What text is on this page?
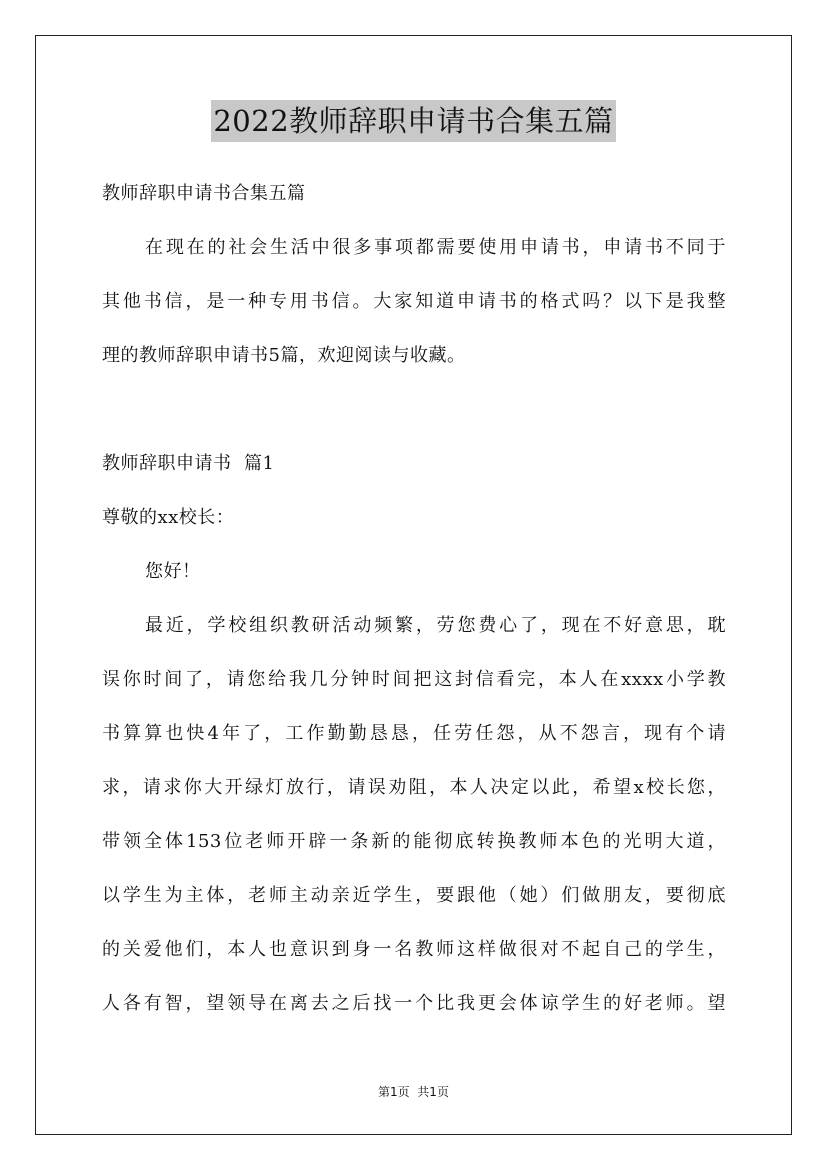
2022教师辞职申请书合集五篇
教师辞职申请书合集五篇
在现在的社会生活中很多事项都需要使用申请书，申请书不同于
其他书信，是一种专用书信。大家知道申请书的格式吗？以下是我整
理的教师辞职申请书5篇，欢迎阅读与收藏。
教师辞职申请书  篇1
尊敬的xx校长：
您好！
最近，学校组织教研活动频繁，劳您费心了，现在不好意思，耽
误你时间了，请您给我几分钟时间把这封信看完，本人在xxxx小学教
书算算也快4年了，工作勤勤恳恳，任劳任怨，从不怨言，现有个请
求，请求你大开绿灯放行，请误劝阻，本人决定以此，希望x校长您，
带领全体153位老师开辟一条新的能彻底转换教师本色的光明大道，
以学生为主体，老师主动亲近学生，要跟他（她）们做朋友，要彻底
的关爱他们，本人也意识到身一名教师这样做很对不起自己的学生，
人各有智，望领导在离去之后找一个比我更会体谅学生的好老师。望
第1页  共1页
